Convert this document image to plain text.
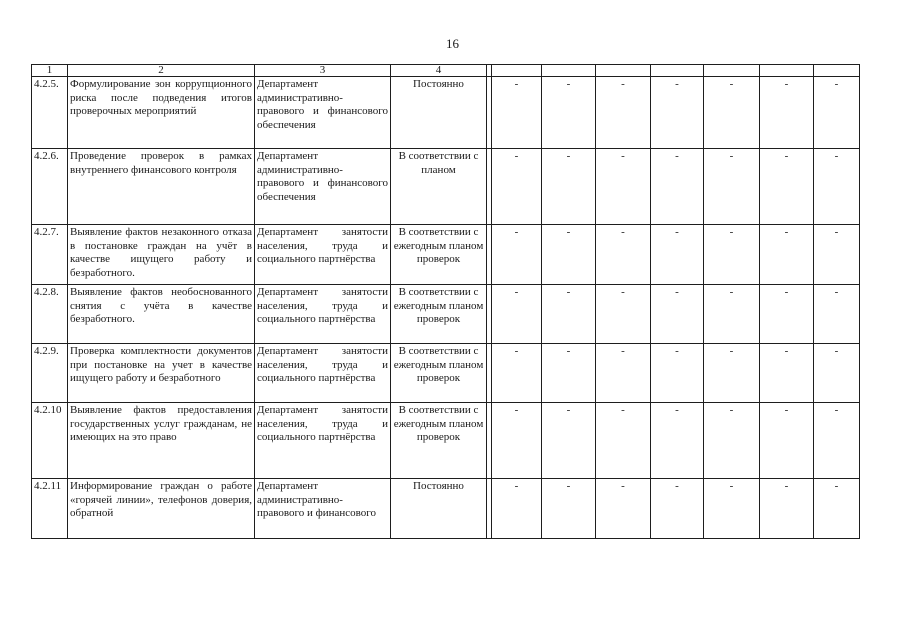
16
1	2	3	4								
4.2.5.	Формулирование зон коррупционного риска после подведения итогов проверочных мероприятий	Департамент административно-правового и финансового обеспечения	Постоянно		-	-	-	-	-	-	-
4.2.6.	Проведение проверок в рамках внутреннего финансового контроля	Департамент административно-правового и финансового обеспечения	В соответствии с планом		-	-	-	-	-	-	-
4.2.7.	Выявление фактов незаконного отказа в постановке граждан на учёт в качестве ищущего работу и безработного.	Департамент занятости населения, труда и социального партнёрства	В соответствии с ежегодным планом проверок		-	-	-	-	-	-	-
4.2.8.	Выявление фактов необоснованного снятия с учёта в качестве безработного.	Департамент занятости населения, труда и социального партнёрства	В соответствии с ежегодным планом проверок		-	-	-	-	-	-	-
4.2.9.	Проверка комплектности документов при постановке на учет в качестве ищущего работу и безработного	Департамент занятости населения, труда и социального партнёрства	В соответствии с ежегодным планом проверок		-	-	-	-	-	-	-
4.2.10	Выявление фактов предоставления государственных услуг гражданам, не имеющих на это право	Департамент занятости населения, труда и социального партнёрства	В соответствии с ежегодным планом проверок		-	-	-	-	-	-	-
4.2.11	Информирование граждан о работе «горячей линии», телефонов доверия, обратной	Департамент административно-правового и финансового	Постоянно		-	-	-	-	-	-	-
